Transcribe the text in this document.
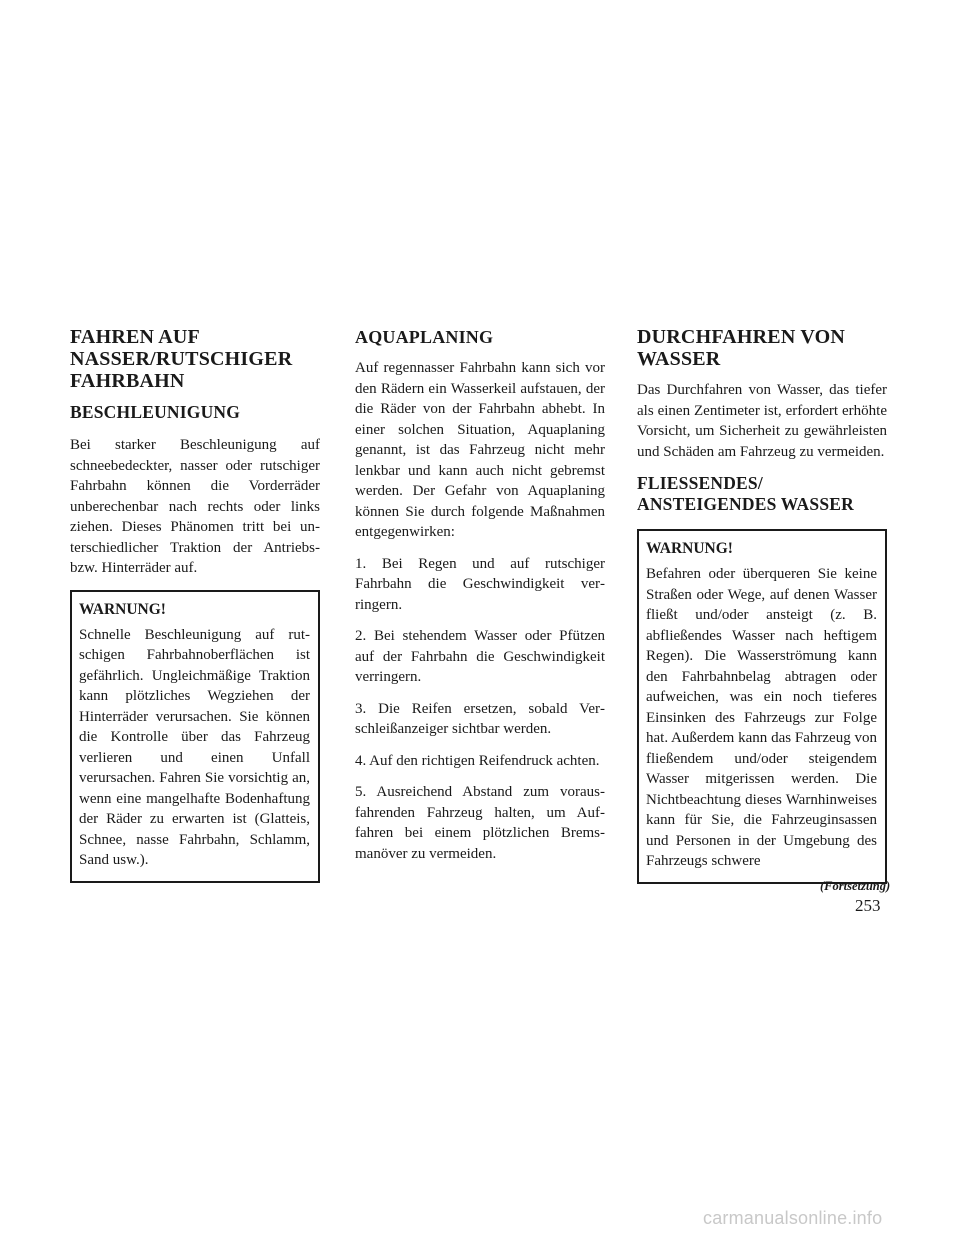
FAHREN AUF
NASSER/RUTSCHIGER
FAHRBAHN
BESCHLEUNIGUNG

Bei starker Beschleunigung auf schneebedeckter, nasser oder rutschiger Fahrbahn können die Vorderräder unberechenbar nach rechts oder links ziehen. Dieses Phänomen tritt bei unterschiedlicher Traktion der Antriebs- bzw. Hinterräder auf.

WARNUNG!

Schnelle Beschleunigung auf rutschigen Fahrbahnoberflächen ist gefährlich. Ungleichmäßige Traktion kann plötzliches Wegziehen der Hinterräder verursachen. Sie können die Kontrolle über das Fahrzeug verlieren und einen Unfall verursachen. Fahren Sie vorsichtig an, wenn eine mangelhafte Bodenhaftung der Räder zu erwarten ist (Glatteis, Schnee, nasse Fahrbahn, Schlamm, Sand usw.).

AQUAPLANING

Auf regennasser Fahrbahn kann sich vor den Rädern ein Wasserkeil aufstauen, der die Räder von der Fahrbahn abhebt. In einer solchen Situation, Aquaplaning genannt, ist das Fahrzeug nicht mehr lenkbar und kann auch nicht gebremst werden. Der Gefahr von Aquaplaning können Sie durch folgende Maßnahmen entgegenwirken:

1. Bei Regen und auf rutschiger Fahrbahn die Geschwindigkeit verringern.

2. Bei stehendem Wasser oder Pfützen auf der Fahrbahn die Geschwindigkeit verringern.

3. Die Reifen ersetzen, sobald Verschleißanzeiger sichtbar werden.

4. Auf den richtigen Reifendruck achten.

5. Ausreichend Abstand zum vorausfahrenden Fahrzeug halten, um Auffahren bei einem plötzlichen Bremsmanöver zu vermeiden.

DURCHFAHREN VON
WASSER

Das Durchfahren von Wasser, das tiefer als einen Zentimeter ist, erfordert erhöhte Vorsicht, um Sicherheit zu gewährleisten und Schäden am Fahrzeug zu vermeiden.

FLIESSENDES/
ANSTEIGENDES WASSER
WARNUNG!

Befahren oder überqueren Sie keine Straßen oder Wege, auf denen Wasser fließt und/oder ansteigt (z. B. abfließendes Wasser nach heftigem Regen). Die Wasserströmung kann den Fahrbahnbelag abtragen oder aufweichen, was ein noch tieferes Einsinken des Fahrzeugs zur Folge hat. Außerdem kann das Fahrzeug von fließendem und/oder steigendem Wasser mitgerissen werden. Die Nichtbeachtung dieses Warnhinweises kann für Sie, die Fahrzeuginsassen und Personen in der Umgebung des Fahrzeugs schwere

(Fortsetzung)

253

carmanualsonline.info
